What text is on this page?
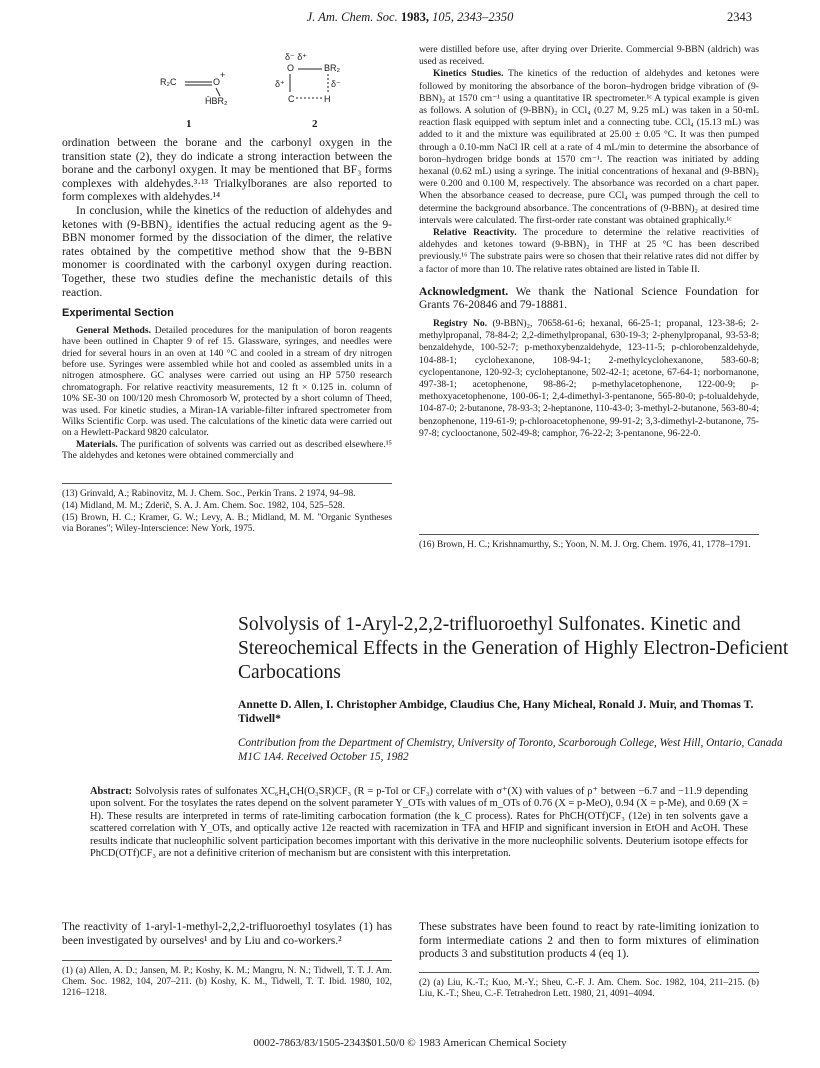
J. Am. Chem. Soc. 1983, 105, 2343–2350	2343
R₂C	O
+
H̄BR₂
1
δ⁻ δ⁺
O	BR₂
δ⁺	δ⁻
C	H
2

ordination between the borane and the carbonyl oxygen in the transition state (2), they do indicate a strong interaction between the borane and the carbonyl oxygen. It may be mentioned that BF₃ forms complexes with aldehydes.³·¹³ Trialkylboranes are also reported to form complexes with aldehydes.¹⁴

In conclusion, while the kinetics of the reduction of aldehydes and ketones with (9-BBN)₂ identifies the actual reducing agent as the 9-BBN monomer formed by the dissociation of the dimer, the relative rates obtained by the competitive method show that the 9-BBN monomer is coordinated with the carbonyl oxygen during reaction. Together, these two studies define the mechanistic details of this reaction.

Experimental Section

General Methods. Detailed procedures for the manipulation of boron reagents have been outlined in Chapter 9 of ref 15. Glassware, syringes, and needles were dried for several hours in an oven at 140 °C and cooled in a stream of dry nitrogen before use. Syringes were assembled while hot and cooled as assembled units in a nitrogen atmosphere. GC analyses were carried out using an HP 5750 research chromatograph. For relative reactivity measurements, 12 ft × 0.125 in. column of 10% SE-30 on 100/120 mesh Chromosorb W, protected by a short column of Theed, was used. For kinetic studies, a Miran-1A variable-filter infrared spectrometer from Wilks Scientific Corp. was used. The calculations of the kinetic data were carried out on a Hewlett-Packard 9820 calculator.

Materials. The purification of solvents was carried out as described elsewhere.¹⁵ The aldehydes and ketones were obtained commercially and

(13) Grinvald, A.; Rabinovitz, M. J. Chem. Soc., Perkin Trans. 2 1974, 94–98.

(14) Midland, M. M.; Zderič, S. A. J. Am. Chem. Soc. 1982, 104, 525–528.

(15) Brown, H. C.; Kramer, G. W.; Levy, A. B.; Midland, M. M. "Organic Syntheses via Boranes"; Wiley-Interscience: New York, 1975.

were distilled before use, after drying over Drierite. Commercial 9-BBN (aldrich) was used as received.

Kinetics Studies. The kinetics of the reduction of aldehydes and ketones were followed by monitoring the absorbance of the boron–hydrogen bridge vibration of (9-BBN)₂ at 1570 cm⁻¹ using a quantitative IR spectrometer.¹ᶜ A typical example is given as follows. A solution of (9-BBN)₂ in CCl₄ (0.27 M, 9.25 mL) was taken in a 50-mL reaction flask equipped with septum inlet and a connecting tube. CCl₄ (15.13 mL) was added to it and the mixture was equilibrated at 25.00 ± 0.05 °C. It was then pumped through a 0.10-mm NaCl IR cell at a rate of 4 mL/min to determine the absorbance of boron–hydrogen bridge bonds at 1570 cm⁻¹. The reaction was initiated by adding hexanal (0.62 mL) using a syringe. The initial concentrations of hexanal and (9-BBN)₂ were 0.200 and 0.100 M, respectively. The absorbance was recorded on a chart paper. When the absorbance ceased to decrease, pure CCl₄ was pumped through the cell to determine the background absorbance. The concentrations of (9-BBN)₂ at desired time intervals were calculated. The first-order rate constant was obtained graphically.¹ᶜ

Relative Reactivity. The procedure to determine the relative reactivities of aldehydes and ketones toward (9-BBN)₂ in THF at 25 °C has been described previously.¹⁶ The substrate pairs were so chosen that their relative rates did not differ by a factor of more than 10. The relative rates obtained are listed in Table II.

Acknowledgment. We thank the National Science Foundation for Grants 76-20846 and 79-18881.

Registry No. (9-BBN)₂, 70658-61-6; hexanal, 66-25-1; propanal, 123-38-6; 2-methylpropanal, 78-84-2; 2,2-dimethylpropanal, 630-19-3; 2-phenylpropanal, 93-53-8; benzaldehyde, 100-52-7; p-methoxybenzaldehyde, 123-11-5; p-chlorobenzaldehyde, 104-88-1; cyclohexanone, 108-94-1; 2-methylcyclohexanone, 583-60-8; cyclopentanone, 120-92-3; cycloheptanone, 502-42-1; acetone, 67-64-1; norbornanone, 497-38-1; acetophenone, 98-86-2; p-methylacetophenone, 122-00-9; p-methoxyacetophenone, 100-06-1; 2,4-dimethyl-3-pentanone, 565-80-0; p-tolualdehyde, 104-87-0; 2-butanone, 78-93-3; 2-heptanone, 110-43-0; 3-methyl-2-butanone, 563-80-4; benzophenone, 119-61-9; p-chloroacetophenone, 99-91-2; 3,3-dimethyl-2-butanone, 75-97-8; cyclooctanone, 502-49-8; camphor, 76-22-2; 3-pentanone, 96-22-0.

(16) Brown, H. C.; Krishnamurthy, S.; Yoon, N. M. J. Org. Chem. 1976, 41, 1778–1791.

Solvolysis of 1-Aryl-2,2,2-trifluoroethyl Sulfonates. Kinetic and Stereochemical Effects in the Generation of Highly Electron-Deficient Carbocations
Annette D. Allen, I. Christopher Ambidge, Claudius Che, Hany Micheal, Ronald J. Muir, and Thomas T. Tidwell*
Contribution from the Department of Chemistry, University of Toronto, Scarborough College, West Hill, Ontario, Canada M1C 1A4. Received October 15, 1982
Abstract: Solvolysis rates of sulfonates XC₆H₄CH(O₃SR)CF₃ (R = p-Tol or CF₃) correlate with σ⁺(X) with values of ρ⁺ between −6.7 and −11.9 depending upon solvent. For the tosylates the rates depend on the solvent parameter Y_OTs with values of m_OTs of 0.76 (X = p-MeO), 0.94 (X = p-Me), and 0.69 (X = H). These results are interpreted in terms of rate-limiting carbocation formation (the k_C process). Rates for PhCH(OTf)CF₃ (12e) in ten solvents gave a scattered correlation with Y_OTs, and optically active 12e reacted with racemization in TFA and HFIP and significant inversion in EtOH and AcOH. These results indicate that nucleophilic solvent participation becomes important with this derivative in the more nucleophilic solvents. Deuterium isotope effects for PhCD(OTf)CF₃ are not a definitive criterion of mechanism but are consistent with this interpretation.
The reactivity of 1-aryl-1-methyl-2,2,2-trifluoroethyl tosylates (1) has been investigated by ourselves¹ and by Liu and co-workers.²
These substrates have been found to react by rate-limiting ionization to form intermediate cations 2 and then to form mixtures of elimination products 3 and substitution products 4 (eq 1).
(1) (a) Allen, A. D.; Jansen, M. P.; Koshy, K. M.; Mangru, N. N.; Tidwell, T. T. J. Am. Chem. Soc. 1982, 104, 207–211. (b) Koshy, K. M., Tidwell, T. T. Ibid. 1980, 102, 1216–1218.
(2) (a) Liu, K.-T.; Kuo, M.-Y.; Sheu, C.-F. J. Am. Chem. Soc. 1982, 104, 211–215. (b) Liu, K.-T.; Sheu, C.-F. Tetrahedron Lett. 1980, 21, 4091–4094.
0002-7863/83/1505-2343$01.50/0 © 1983 American Chemical Society
